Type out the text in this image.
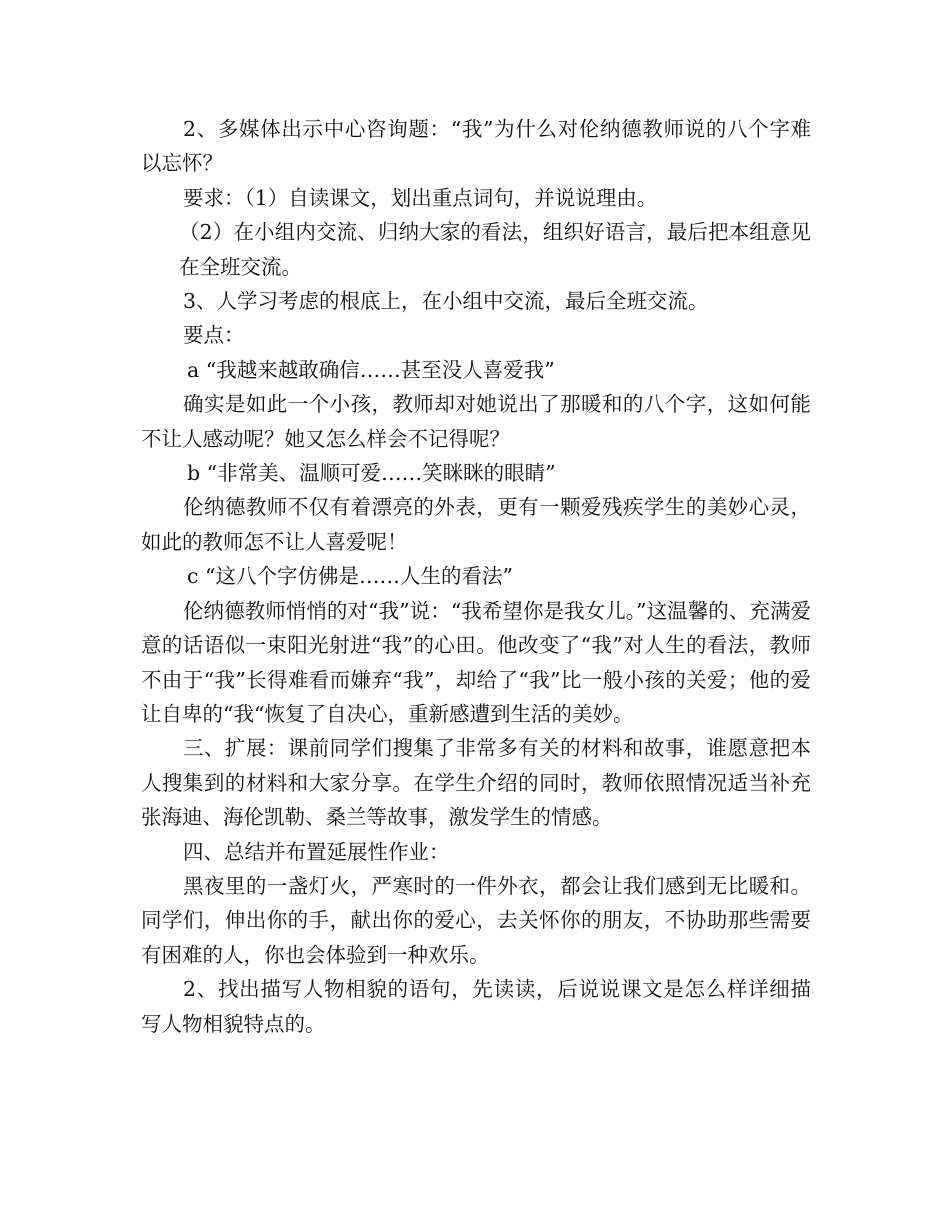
2、多媒体出示中心咨询题：“我”为什么对伦纳德教师说的八个字难以忘怀？

要求：（1）自读课文，划出重点词句，并说说理由。

（2）在小组内交流、归纳大家的看法，组织好语言，最后把本组意见在全班交流。

3、人学习考虑的根底上，在小组中交流，最后全班交流。

要点：

a “我越来越敢确信……甚至没人喜爱我”

确实是如此一个小孩，教师却对她说出了那暖和的八个字，这如何能不让人感动呢？她又怎么样会不记得呢？

b “非常美、温顺可爱……笑眯眯的眼睛”

伦纳德教师不仅有着漂亮的外表，更有一颗爱残疾学生的美妙心灵，如此的教师怎不让人喜爱呢！

c “这八个字仿佛是……人生的看法”

伦纳德教师悄悄的对“我”说：“我希望你是我女儿。”这温馨的、充满爱意的话语似一束阳光射进“我”的心田。他改变了“我”对人生的看法，教师不由于“我”长得难看而嫌弃“我”，却给了“我”比一般小孩的关爱；他的爱让自卑的“我“恢复了自决心，重新感遭到生活的美妙。

三、扩展：课前同学们搜集了非常多有关的材料和故事，谁愿意把本人搜集到的材料和大家分享。在学生介绍的同时，教师依照情况适当补充张海迪、海伦凯勒、桑兰等故事，激发学生的情感。

四、总结并布置延展性作业：

黑夜里的一盏灯火，严寒时的一件外衣，都会让我们感到无比暖和。同学们，伸出你的手，献出你的爱心，去关怀你的朋友，不协助那些需要有困难的人，你也会体验到一种欢乐。

2、找出描写人物相貌的语句，先读读，后说说课文是怎么样详细描写人物相貌特点的。
